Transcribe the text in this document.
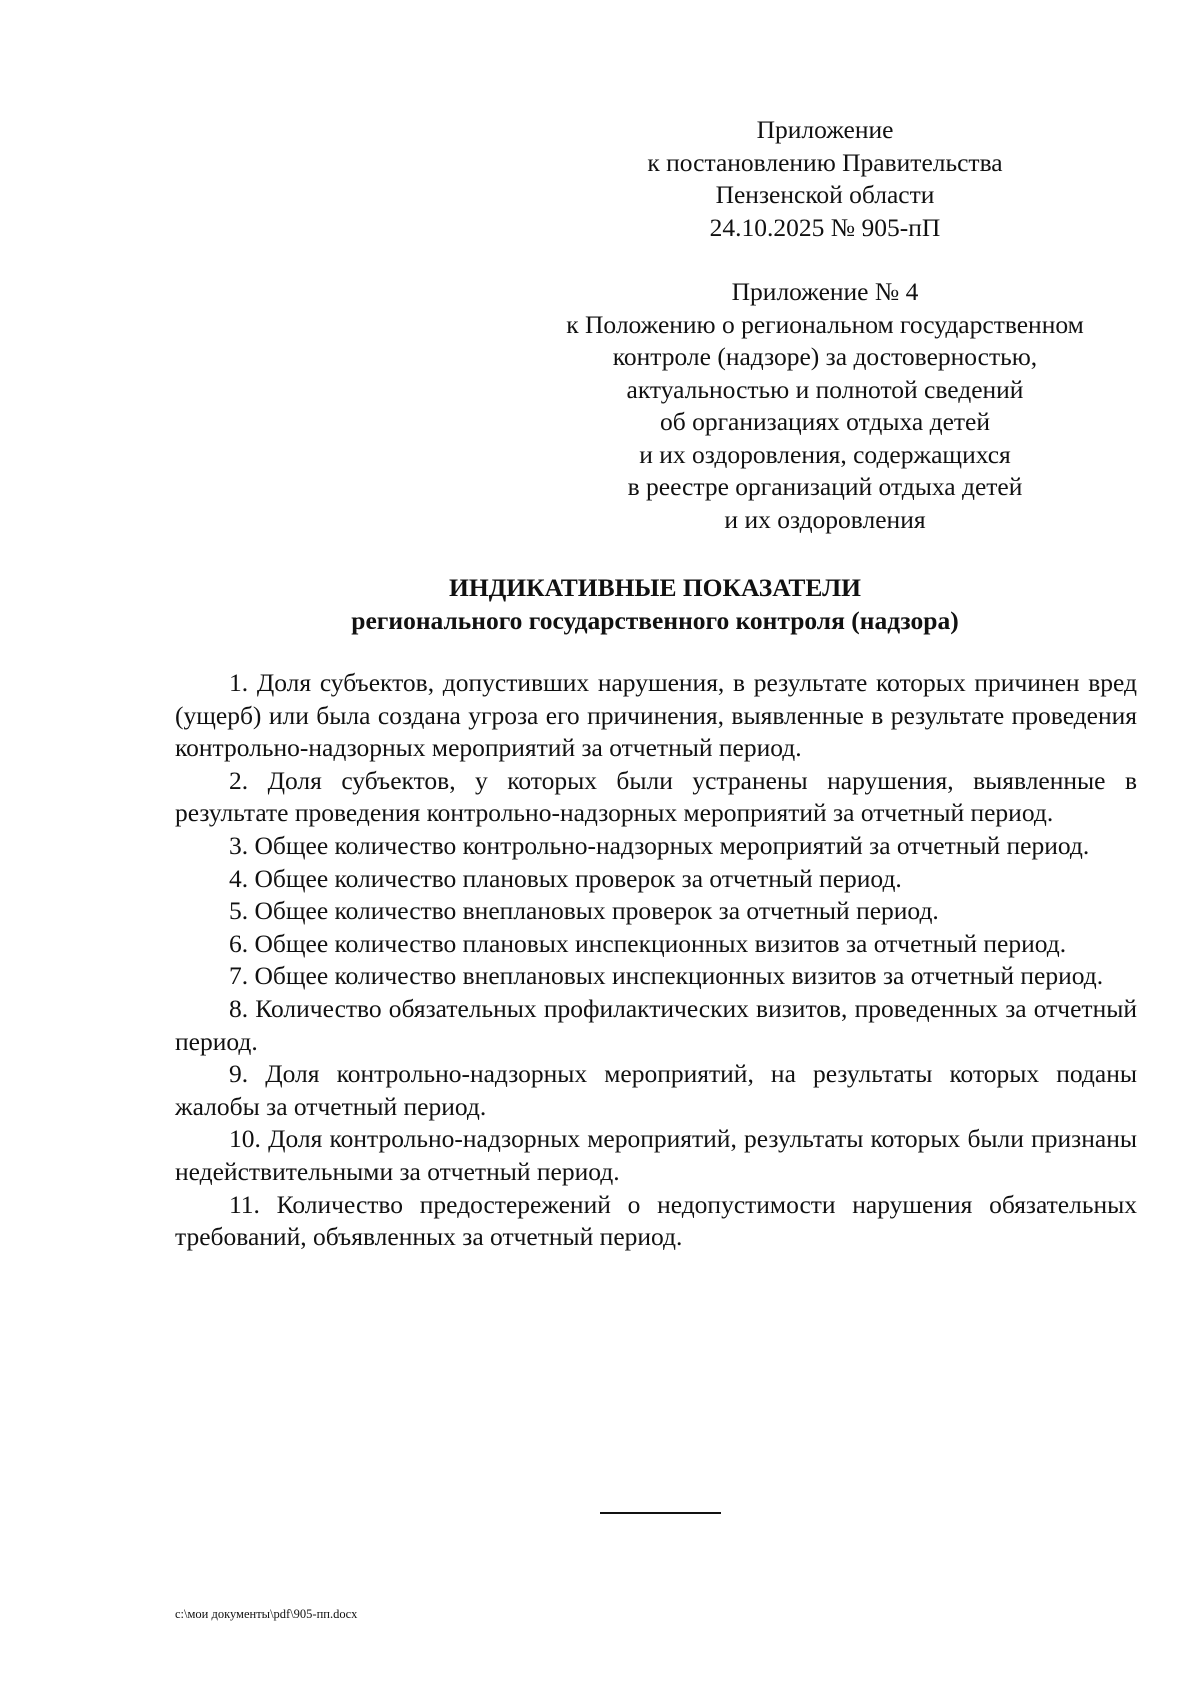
Приложение
к постановлению Правительства
Пензенской области
24.10.2025 № 905-пП
Приложение № 4
к Положению о региональном государственном
контроле (надзоре) за достоверностью,
актуальностью и полнотой сведений
об организациях отдыха детей
и их оздоровления, содержащихся
в реестре организаций отдыха детей
и их оздоровления
ИНДИКАТИВНЫЕ ПОКАЗАТЕЛИ
регионального государственного контроля (надзора)

1. Доля субъектов, допустивших нарушения, в результате которых причинен вред (ущерб) или была создана угроза его причинения, выявленные в результате проведения контрольно-надзорных мероприятий за отчетный период.

2. Доля субъектов, у которых были устранены нарушения, выявленные в результате проведения контрольно-надзорных мероприятий за отчетный период.

3. Общее количество контрольно-надзорных мероприятий за отчетный период.

4. Общее количество плановых проверок за отчетный период.

5. Общее количество внеплановых проверок за отчетный период.

6. Общее количество плановых инспекционных визитов за отчетный период.

7. Общее количество внеплановых инспекционных визитов за отчетный период.

8. Количество обязательных профилактических визитов, проведенных за отчетный период.

9. Доля контрольно-надзорных мероприятий, на результаты которых поданы жалобы за отчетный период.

10. Доля контрольно-надзорных мероприятий, результаты которых были признаны недействительными за отчетный период.

11. Количество предостережений о недопустимости нарушения обязательных требований, объявленных за отчетный период.

c:\мои документы\pdf\905-пп.docx
